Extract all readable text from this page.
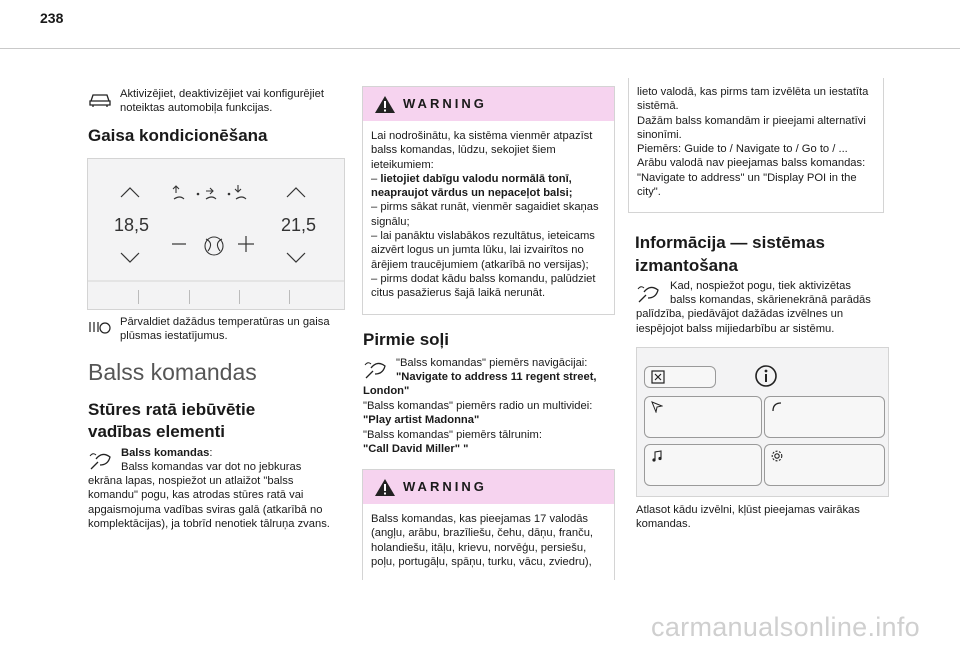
238
Aktivizējiet, deaktivizējiet vai konfigurējiet noteiktas automobiļa funkcijas.
Gaisa kondicionēšana
18,5	21,5
Pārvaldiet dažādus temperatūras un gaisa plūsmas iestatījumus.
Balss komandas
Stūres ratā iebūvētie
vadības elementi
Balss komandas:
Balss komandas var dot no jebkuras
ekrāna lapas, nospiežot un atlaižot "balss komandu" pogu, kas atrodas stūres ratā vai apgaismojuma vadības sviras galā (atkarībā no komplektācijas), ja tobrīd nenotiek tālruņa zvans.
WARNING
Lai nodrošinātu, ka sistēma vienmēr atpazīst balss komandas, lūdzu, sekojiet šiem ieteikumiem:
– lietojiet dabīgu valodu normālā tonī, neapraujot vārdus un nepaceļot balsi;
– pirms sākat runāt, vienmēr sagaidiet skaņas signālu;
– lai panāktu vislabākos rezultātus, ieteicams aizvērt logus un jumta lūku, lai izvairītos no ārējiem traucējumiem (atkarībā no versijas);
– pirms dodat kādu balss komandu, palūdziet citus pasažierus šajā laikā nerunāt.
Pirmie soļi
"Balss komandas" piemērs navigācijai:
"Navigate to address 11 regent street, London"
"Balss komandas" piemērs radio un multividei:
"Play artist Madonna"
"Balss komandas" piemērs tālrunim:
"Call David Miller" "
WARNING
Balss komandas, kas pieejamas 17 valodās (angļu, arābu, brazīliešu, čehu, dāņu, franču, holandiešu, itāļu, krievu, norvēģu, persiešu, poļu, portugāļu, spāņu, turku, vācu, zviedru),
lieto valodā, kas pirms tam izvēlēta un iestatīta sistēmā.
Dažām balss komandām ir pieejami alternatīvi sinonīmi.
Piemērs: Guide to / Navigate to / Go to / ...
Arābu valodā nav pieejamas balss komandas: "Navigate to address" un "Display POI in the city".
Informācija — sistēmas
izmantošana
Kad, nospiežot pogu, tiek aktivizētas
balss komandas, skārienekrānā parādās palīdzība, piedāvājot dažādas izvēlnes un iespējojot balss mijiedarbību ar sistēmu.
Atlasot kādu izvēlni, kļūst pieejamas vairākas komandas.
carmanualsonline.info
